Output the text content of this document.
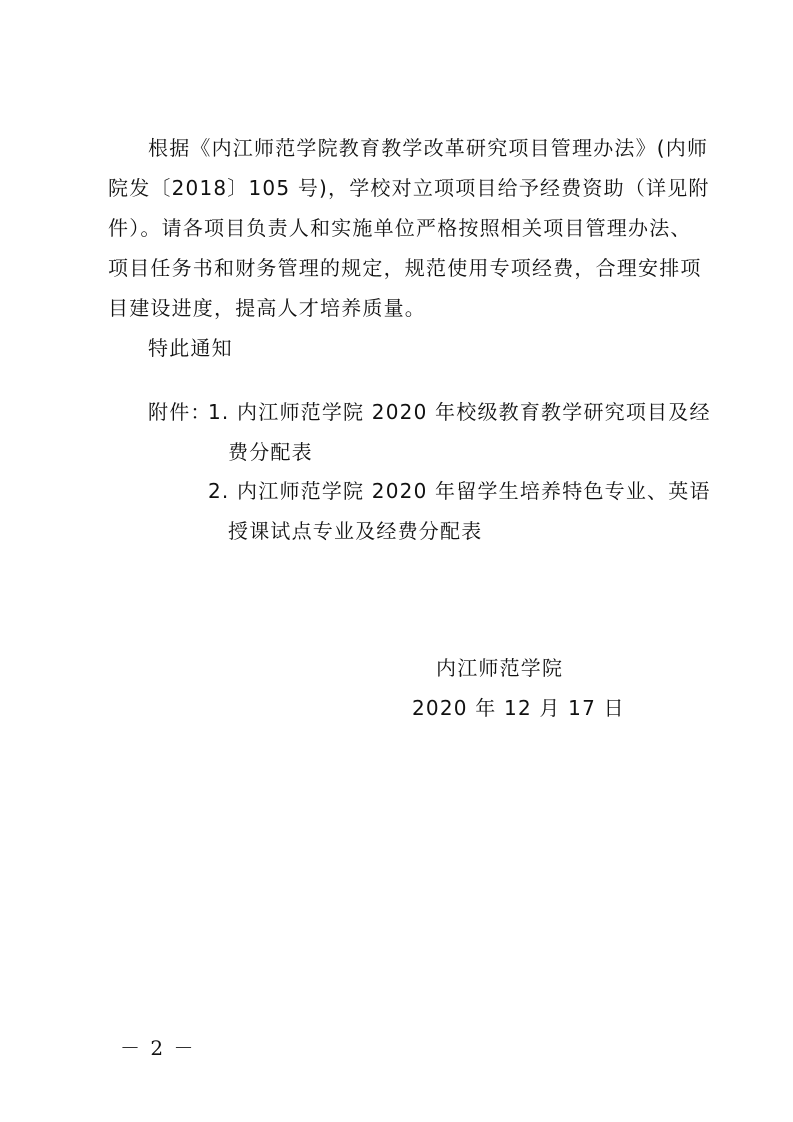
根据《内江师范学院教育教学改革研究项目管理办法》(内师
院发〔2018〕105 号)，学校对立项项目给予经费资助（详见附
件）。请各项目负责人和实施单位严格按照相关项目管理办法、
项目任务书和财务管理的规定，规范使用专项经费，合理安排项
目建设进度，提高人才培养质量。
特此通知
附件：
1. 内江师范学院 2020 年校级教育教学研究项目及经
费分配表
2. 内江师范学院 2020 年留学生培养特色专业、英语
授课试点专业及经费分配表
内江师范学院
2020 年 12 月 17 日
－ 2 －
